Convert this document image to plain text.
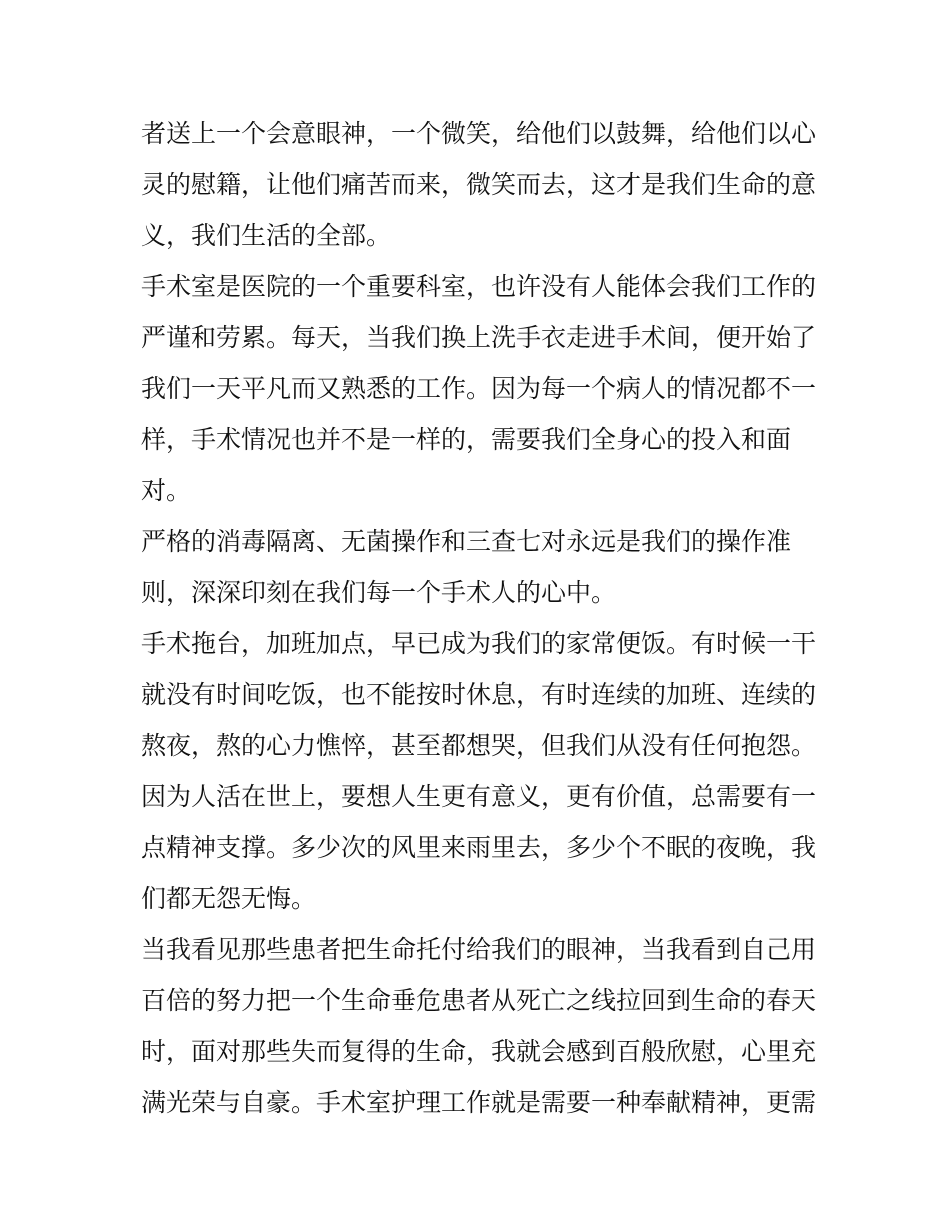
者送上一个会意眼神，一个微笑，给他们以鼓舞，给他们以心
灵的慰籍，让他们痛苦而来，微笑而去，这才是我们生命的意
义，我们生活的全部。
手术室是医院的一个重要科室，也许没有人能体会我们工作的
严谨和劳累。每天，当我们换上洗手衣走进手术间，便开始了
我们一天平凡而又熟悉的工作。因为每一个病人的情况都不一
样，手术情况也并不是一样的，需要我们全身心的投入和面
对。
严格的消毒隔离、无菌操作和三查七对永远是我们的操作准
则，深深印刻在我们每一个手术人的心中。
手术拖台，加班加点，早已成为我们的家常便饭。有时候一干
就没有时间吃饭，也不能按时休息，有时连续的加班、连续的
熬夜，熬的心力憔悴，甚至都想哭，但我们从没有任何抱怨。
因为人活在世上，要想人生更有意义，更有价值，总需要有一
点精神支撑。多少次的风里来雨里去，多少个不眠的夜晚，我
们都无怨无悔。
当我看见那些患者把生命托付给我们的眼神，当我看到自己用
百倍的努力把一个生命垂危患者从死亡之线拉回到生命的春天
时，面对那些失而复得的生命，我就会感到百般欣慰，心里充
满光荣与自豪。手术室护理工作就是需要一种奉献精神，更需
